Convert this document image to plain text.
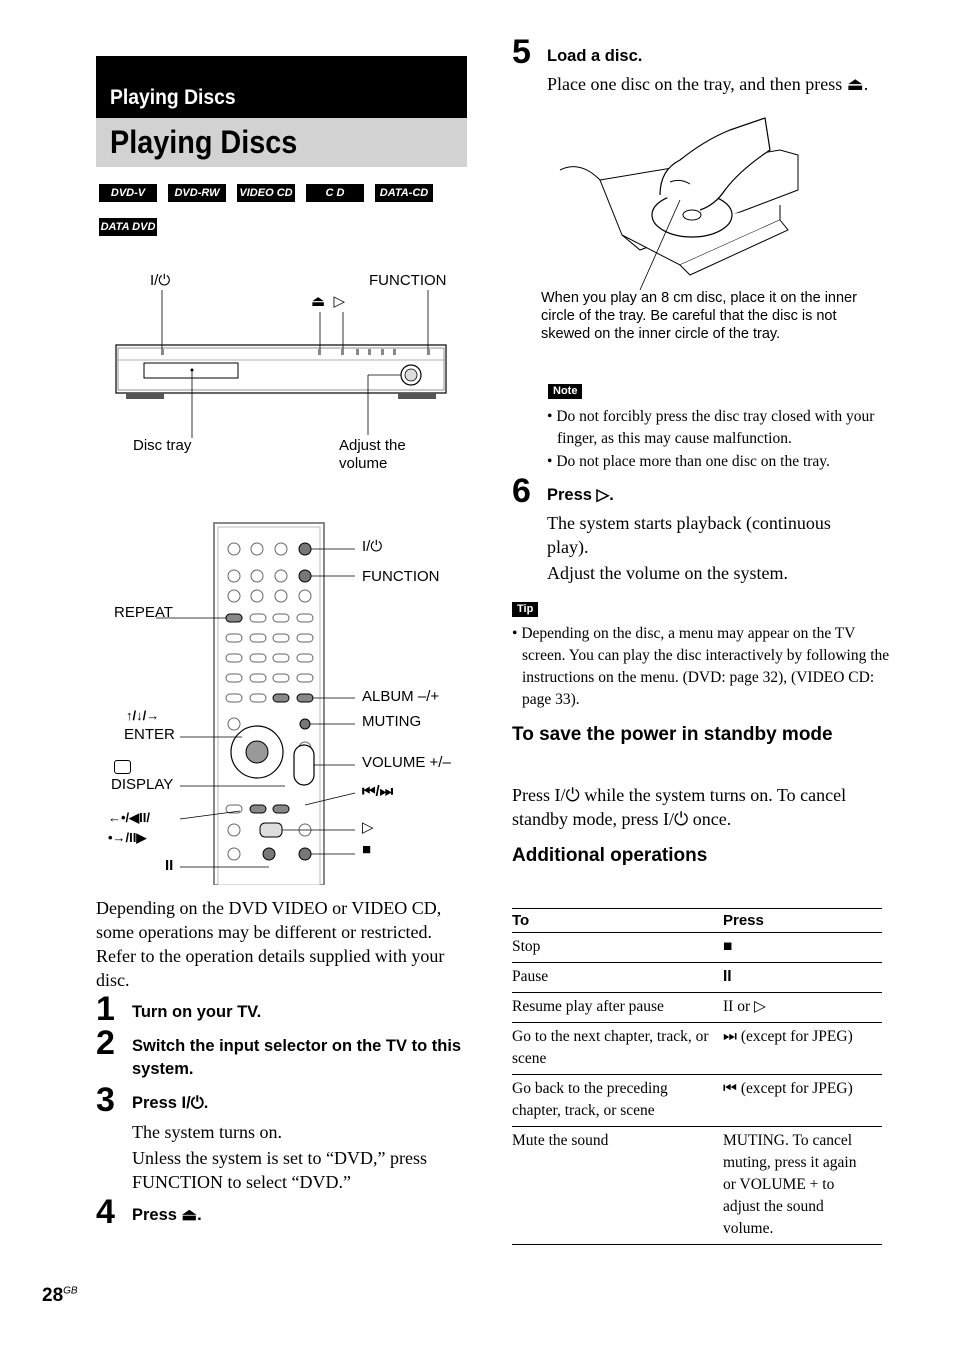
Playing Discs
Playing Discs
DVD-V	DVD-RW	VIDEO CD	C D	DATA-CD
DATA DVD
I/⏻	FUNCTION
⏏  ▷
Disc tray	Adjust the
volume
I/⏻
FUNCTION
REPEAT
ALBUM –/+
↑/↓/→	MUTING
ENTER
VOLUME +/–
DISPLAY	⏮/⏭
←•/◀II/
•→/II▶
▷
■
II
Depending on the DVD VIDEO or VIDEO CD, some operations may be different or restricted. Refer to the operation details supplied with your disc.
1 Turn on your TV.
2 Switch the input selector on the TV to this system.
3 Press I/⏻.
The system turns on.
Unless the system is set to “DVD,” press FUNCTION to select “DVD.”
4 Press ⏏.
5 Load a disc.
Place one disc on the tray, and then press ⏏.
When you play an 8 cm disc, place it on the inner circle of the tray. Be careful that the disc is not skewed on the inner circle of the tray.
Note
• Do not forcibly press the disc tray closed with your finger, as this may cause malfunction.
• Do not place more than one disc on the tray.
6 Press ▷.
The system starts playback (continuous play).
Adjust the volume on the system.
Tip
• Depending on the disc, a menu may appear on the TV screen. You can play the disc interactively by following the instructions on the menu. (DVD: page 32), (VIDEO CD: page 33).
To save the power in standby mode
Press I/⏻ while the system turns on. To cancel standby mode, press I/⏻ once.
Additional operations
To	Press
Stop	■
Pause	II
Resume play after pause	II or ▷
Go to the next chapter, track, or scene	⏭ (except for JPEG)
Go back to the preceding chapter, track, or scene	⏮ (except for JPEG)
Mute the sound	MUTING. To cancel muting, press it again or VOLUME + to adjust the sound volume.
$28^{GB}$
